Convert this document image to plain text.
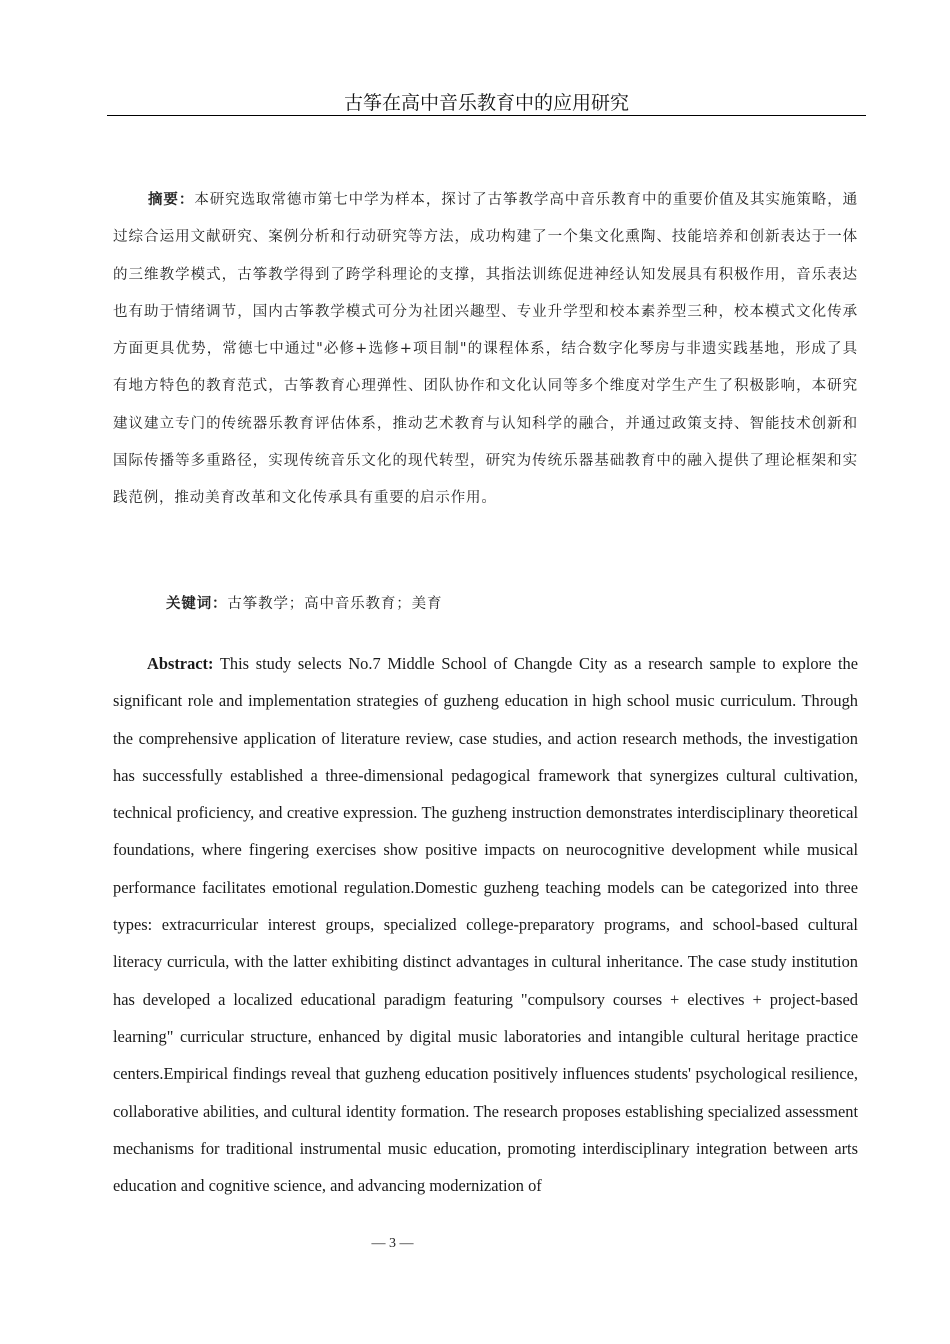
古筝在高中音乐教育中的应用研究

摘要：本研究选取常德市第七中学为样本，探讨了古筝教学高中音乐教育中的重要价值及其实施策略，通过综合运用文献研究、案例分析和行动研究等方法，成功构建了一个集文化熏陶、技能培养和创新表达于一体的三维教学模式，古筝教学得到了跨学科理论的支撑，其指法训练促进神经认知发展具有积极作用，音乐表达也有助于情绪调节，国内古筝教学模式可分为社团兴趣型、专业升学型和校本素养型三种，校本模式文化传承方面更具优势，常德七中通过"必修+选修+项目制"的课程体系，结合数字化琴房与非遗实践基地，形成了具有地方特色的教育范式，古筝教育心理弹性、团队协作和文化认同等多个维度对学生产生了积极影响，本研究建议建立专门的传统器乐教育评估体系，推动艺术教育与认知科学的融合，并通过政策支持、智能技术创新和国际传播等多重路径，实现传统音乐文化的现代转型，研究为传统乐器基础教育中的融入提供了理论框架和实践范例，推动美育改革和文化传承具有重要的启示作用。

关键词：古筝教学；高中音乐教育；美育

Abstract: This study selects No.7 Middle School of Changde City as a research sample to explore the significant role and implementation strategies of guzheng education in high school music curriculum. Through the comprehensive application of literature review, case studies, and action research methods, the investigation has successfully established a three-dimensional pedagogical framework that synergizes cultural cultivation, technical proficiency, and creative expression. The guzheng instruction demonstrates interdisciplinary theoretical foundations, where fingering exercises show positive impacts on neurocognitive development while musical performance facilitates emotional regulation.Domestic guzheng teaching models can be categorized into three types: extracurricular interest groups, specialized college-preparatory programs, and school-based cultural literacy curricula, with the latter exhibiting distinct advantages in cultural inheritance. The case study institution has developed a localized educational paradigm featuring "compulsory courses + electives + project-based learning" curricular structure, enhanced by digital music laboratories and intangible cultural heritage practice centers.Empirical findings reveal that guzheng education positively influences students' psychological resilience, collaborative abilities, and cultural identity formation. The research proposes establishing specialized assessment mechanisms for traditional instrumental music education, promoting interdisciplinary integration between arts education and cognitive science, and advancing modernization of

— 3 —
